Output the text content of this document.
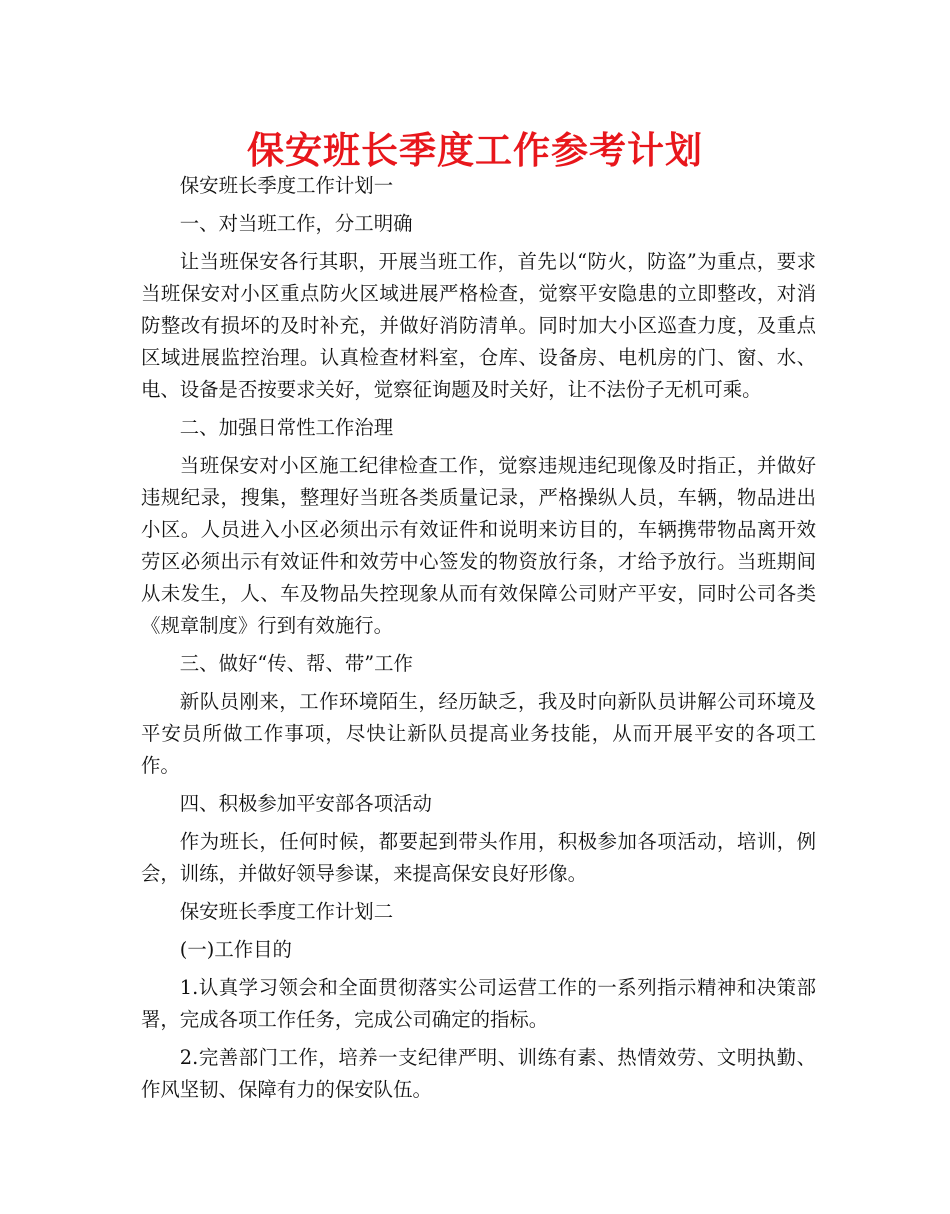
保安班长季度工作参考计划

保安班长季度工作计划一

一、对当班工作，分工明确

让当班保安各行其职，开展当班工作，首先以“防火，防盗”为重点，要求当班保安对小区重点防火区域进展严格检查，觉察平安隐患的立即整改，对消防整改有损坏的及时补充，并做好消防清单。同时加大小区巡查力度，及重点区域进展监控治理。认真检查材料室，仓库、设备房、电机房的门、窗、水、电、设备是否按要求关好，觉察征询题及时关好，让不法份子无机可乘。

二、加强日常性工作治理

当班保安对小区施工纪律检查工作，觉察违规违纪现像及时指正，并做好违规纪录，搜集，整理好当班各类质量记录，严格操纵人员，车辆，物品进出小区。人员进入小区必须出示有效证件和说明来访目的，车辆携带物品离开效劳区必须出示有效证件和效劳中心签发的物资放行条，才给予放行。当班期间从未发生，人、车及物品失控现象从而有效保障公司财产平安，同时公司各类《规章制度》行到有效施行。

三、做好“传、帮、带”工作

新队员刚来，工作环境陌生，经历缺乏，我及时向新队员讲解公司环境及平安员所做工作事项，尽快让新队员提高业务技能，从而开展平安的各项工作。

四、积极参加平安部各项活动

作为班长，任何时候，都要起到带头作用，积极参加各项活动，培训，例会，训练，并做好领导参谋，来提高保安良好形像。

保安班长季度工作计划二

(一)工作目的

1.认真学习领会和全面贯彻落实公司运营工作的一系列指示精神和决策部署，完成各项工作任务，完成公司确定的指标。

2.完善部门工作，培养一支纪律严明、训练有素、热情效劳、文明执勤、作风坚韧、保障有力的保安队伍。
